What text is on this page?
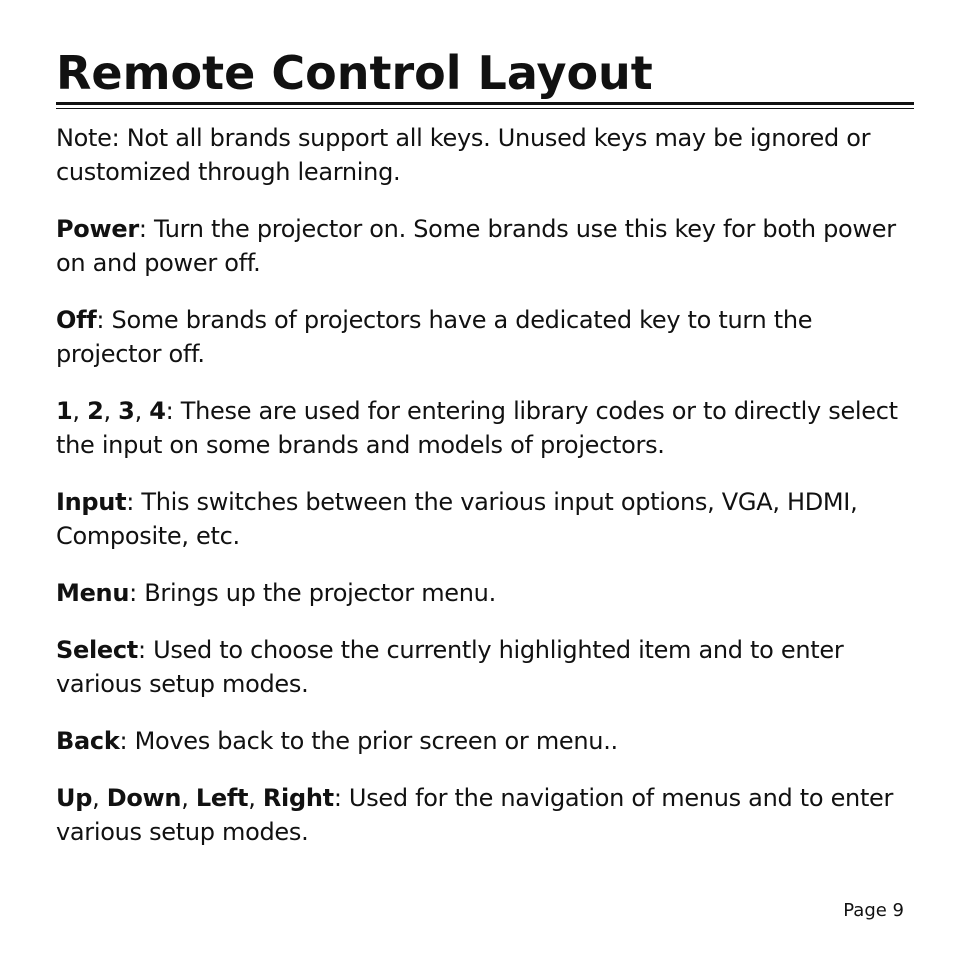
Remote Control Layout

Note: Not all brands support all keys. Unused keys may be ignored or customized through learning.

Power: Turn the projector on. Some brands use this key for both power on and power off.

Off: Some brands of projectors have a dedicated key to turn the projector off.

1, 2, 3, 4: These are used for entering library codes or to directly select the input on some brands and models of projectors.

Input: This switches between the various input options, VGA, HDMI, Composite, etc.

Menu: Brings up the projector menu.

Select: Used to choose the currently highlighted item and to enter various setup modes.

Back: Moves back to the prior screen or menu..

Up, Down, Left, Right: Used for the navigation of menus and to enter various setup modes.

Page 9
